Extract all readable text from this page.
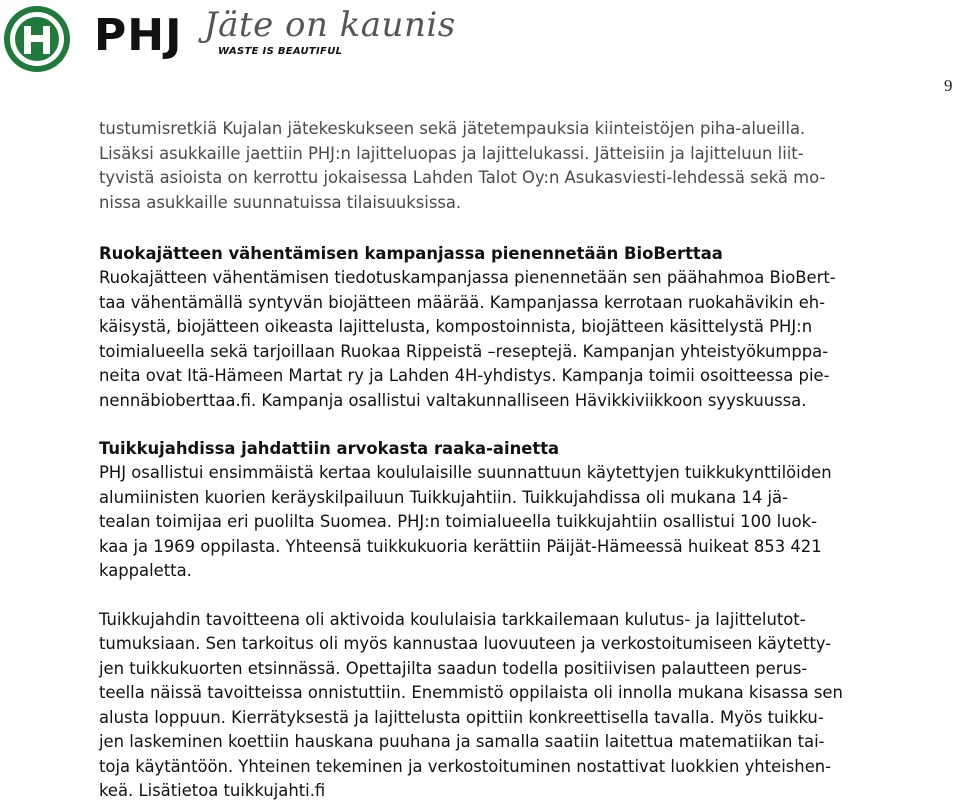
PHJ Jäte on kaunis
WASTE IS BEAUTIFUL
9

tustumisretkiä Kujalan jätekeskukseen sekä jätetempauksia kiinteistöjen piha-alueilla.
Lisäksi asukkaille jaettiin PHJ:n lajitteluopas ja lajittelukassi. Jätteisiin ja lajitteluun liit-
tyvistä asioista on kerrottu jokaisessa Lahden Talot Oy:n Asukasviesti-lehdessä sekä mo-
nissa asukkaille suunnatuissa tilaisuuksissa.

Ruokajätteen vähentämisen kampanjassa pienennetään BioBerttaa

Ruokajätteen vähentämisen tiedotuskampanjassa pienennetään sen päähahmoa BioBert-
taa vähentämällä syntyvän biojätteen määrää. Kampanjassa kerrotaan ruokahävikin eh-
käisystä, biojätteen oikeasta lajittelusta, kompostoinnista, biojätteen käsittelystä PHJ:n
toimialueella sekä tarjoillaan Ruokaa Rippeistä –reseptejä. Kampanjan yhteistyökumppa-
neita ovat Itä-Hämeen Martat ry ja Lahden 4H-yhdistys. Kampanja toimii osoitteessa pie-
nennäbioberttaa.fi. Kampanja osallistui valtakunnalliseen Hävikkiviikkoon syyskuussa.

Tuikkujahdissa jahdattiin arvokasta raaka-ainetta

PHJ osallistui ensimmäistä kertaa koululaisille suunnattuun käytettyjen tuikkukynttilöiden
alumiinisten kuorien keräyskilpailuun Tuikkujahtiin. Tuikkujahdissa oli mukana 14 jä-
tealan toimijaa eri puolilta Suomea. PHJ:n toimialueella tuikkujahtiin osallistui 100 luok-
kaa ja 1969 oppilasta. Yhteensä tuikkukuoria kerättiin Päijät-Hämeessä huikeat 853 421
kappaletta.

Tuikkujahdin tavoitteena oli aktivoida koululaisia tarkkailemaan kulutus- ja lajittelutot-
tumuksiaan. Sen tarkoitus oli myös kannustaa luovuuteen ja verkostoitumiseen käytetty-
jen tuikkukuorten etsinnässä. Opettajilta saadun todella positiivisen palautteen perus-
teella näissä tavoitteissa onnistuttiin. Enemmistö oppilaista oli innolla mukana kisassa sen
alusta loppuun. Kierrätyksestä ja lajittelusta opittiin konkreettisella tavalla. Myös tuikku-
jen laskeminen koettiin hauskana puuhana ja samalla saatiin laitettua matematiikan tai-
toja käytäntöön. Yhteinen tekeminen ja verkostoituminen nostattivat luokkien yhteishen-
keä. Lisätietoa tuikkujahti.fi
